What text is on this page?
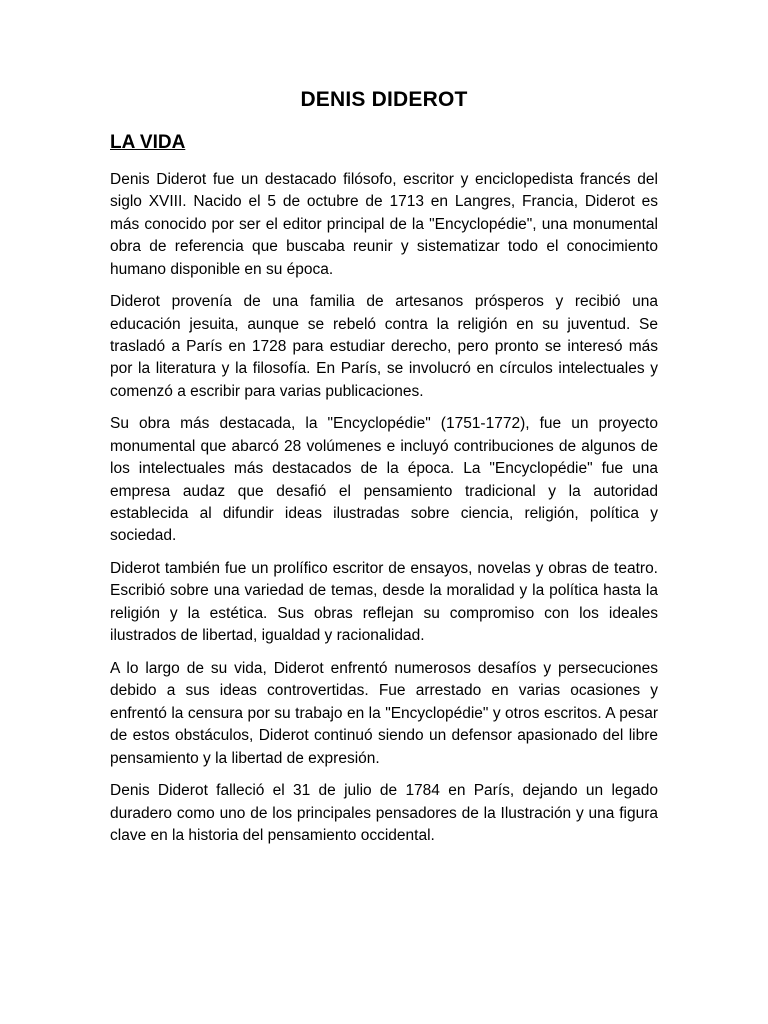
DENIS DIDEROT
LA VIDA

Denis Diderot fue un destacado filósofo, escritor y enciclopedista francés del siglo XVIII. Nacido el 5 de octubre de 1713 en Langres, Francia, Diderot es más conocido por ser el editor principal de la "Encyclopédie", una monumental obra de referencia que buscaba reunir y sistematizar todo el conocimiento humano disponible en su época.

Diderot provenía de una familia de artesanos prósperos y recibió una educación jesuita, aunque se rebeló contra la religión en su juventud. Se trasladó a París en 1728 para estudiar derecho, pero pronto se interesó más por la literatura y la filosofía. En París, se involucró en círculos intelectuales y comenzó a escribir para varias publicaciones.

Su obra más destacada, la "Encyclopédie" (1751-1772), fue un proyecto monumental que abarcó 28 volúmenes e incluyó contribuciones de algunos de los intelectuales más destacados de la época. La "Encyclopédie" fue una empresa audaz que desafió el pensamiento tradicional y la autoridad establecida al difundir ideas ilustradas sobre ciencia, religión, política y sociedad.

Diderot también fue un prolífico escritor de ensayos, novelas y obras de teatro. Escribió sobre una variedad de temas, desde la moralidad y la política hasta la religión y la estética. Sus obras reflejan su compromiso con los ideales ilustrados de libertad, igualdad y racionalidad.

A lo largo de su vida, Diderot enfrentó numerosos desafíos y persecuciones debido a sus ideas controvertidas. Fue arrestado en varias ocasiones y enfrentó la censura por su trabajo en la "Encyclopédie" y otros escritos. A pesar de estos obstáculos, Diderot continuó siendo un defensor apasionado del libre pensamiento y la libertad de expresión.

Denis Diderot falleció el 31 de julio de 1784 en París, dejando un legado duradero como uno de los principales pensadores de la Ilustración y una figura clave en la historia del pensamiento occidental.
